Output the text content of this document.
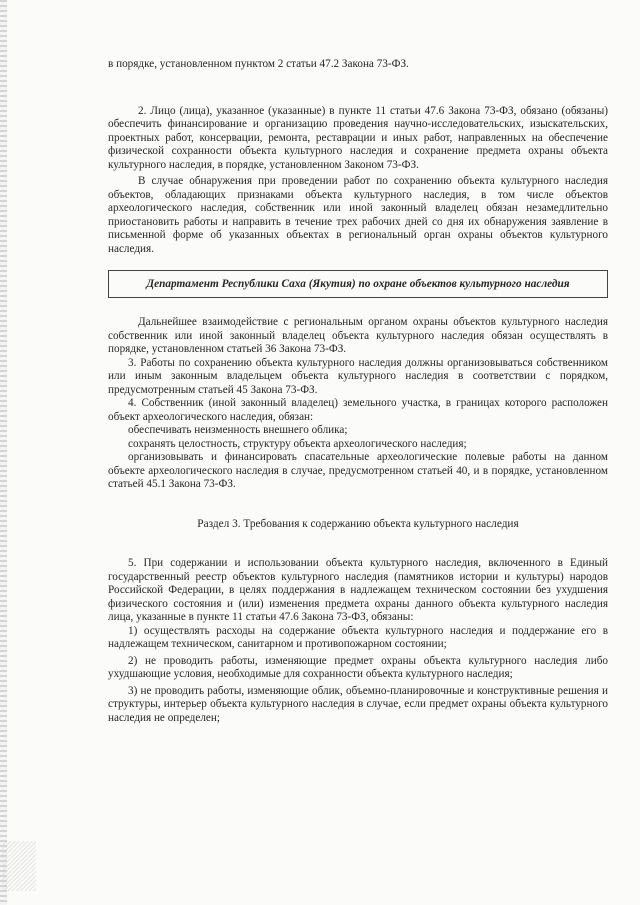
в порядке, установленном пунктом 2 статьи 47.2 Закона 73-ФЗ.

2. Лицо (лица), указанное (указанные) в пункте 11 статьи 47.6 Закона 73-ФЗ, обязано (обязаны) обеспечить финансирование и организацию проведения научно-исследовательских, изыскательских, проектных работ, консервации, ремонта, реставрации и иных работ, направленных на обеспечение физической сохранности объекта культурного наследия и сохранение предмета охраны объекта культурного наследия, в порядке, установленном Законом 73-ФЗ.

В случае обнаружения при проведении работ по сохранению объекта культурного наследия объектов, обладающих признаками объекта культурного наследия, в том числе объектов археологического наследия, собственник или иной законный владелец обязан незамедлительно приостановить работы и направить в течение трех рабочих дней со дня их обнаружения заявление в письменной форме об указанных объектах в региональный орган охраны объектов культурного наследия.

Департамент Республики Саха (Якутия) по охране объектов культурного наследия

Дальнейшее взаимодействие с региональным органом охраны объектов культурного наследия собственник или иной законный владелец объекта культурного наследия обязан осуществлять в порядке, установленном статьей 36 Закона 73-ФЗ.

3. Работы по сохранению объекта культурного наследия должны организовываться собственником или иным законным владельцем объекта культурного наследия в соответствии с порядком, предусмотренным статьей 45 Закона 73-ФЗ.

4. Собственник (иной законный владелец) земельного участка, в границах которого расположен объект археологического наследия, обязан:

обеспечивать неизменность внешнего облика;

сохранять целостность, структуру объекта археологического наследия;

организовывать и финансировать спасательные археологические полевые работы на данном объекте археологического наследия в случае, предусмотренном статьей 40, и в порядке, установленном статьей 45.1 Закона 73-ФЗ.

Раздел 3. Требования к содержанию объекта культурного наследия

5. При содержании и использовании объекта культурного наследия, включенного в Единый государственный реестр объектов культурного наследия (памятников истории и культуры) народов Российской Федерации, в целях поддержания в надлежащем техническом состоянии без ухудшения физического состояния и (или) изменения предмета охраны данного объекта культурного наследия лица, указанные в пункте 11 статьи 47.6 Закона 73-ФЗ, обязаны:

1) осуществлять расходы на содержание объекта культурного наследия и поддержание его в надлежащем техническом, санитарном и противопожарном состоянии;

2) не проводить работы, изменяющие предмет охраны объекта культурного наследия либо ухудшающие условия, необходимые для сохранности объекта культурного наследия;

3) не проводить работы, изменяющие облик, объемно-планировочные и конструктивные решения и структуры, интерьер объекта культурного наследия в случае, если предмет охраны объекта культурного наследия не определен;
